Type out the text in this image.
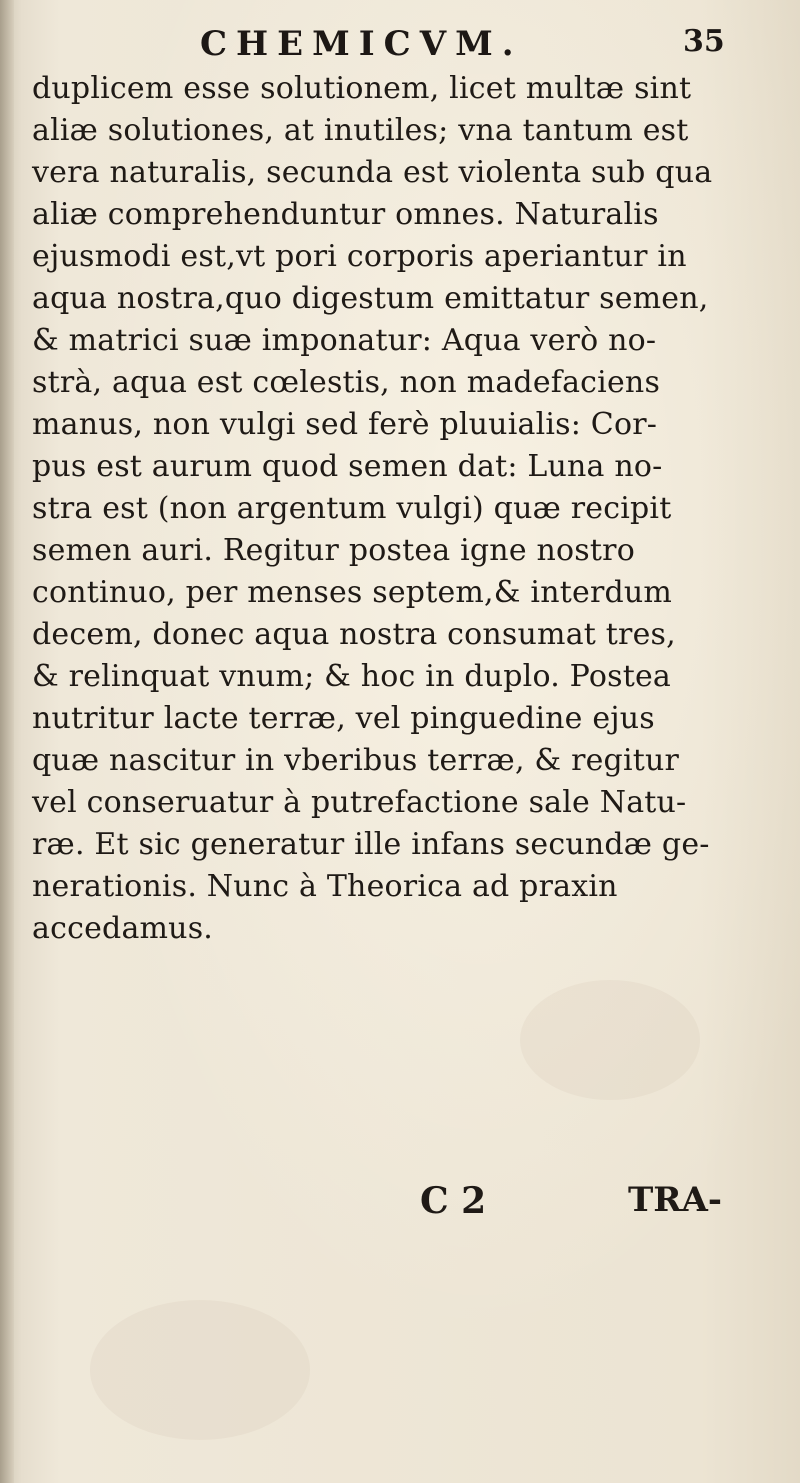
CHEMICVM.	35
duplicem esse solutionem, licet multæ sint
aliæ solutiones, at inutiles; vna tantum est
vera naturalis, secunda est violenta sub qua
aliæ comprehenduntur omnes. Naturalis
ejusmodi est,vt pori corporis aperiantur in
aqua nostra,quo digestum emittatur semen,
& matrici suæ imponatur: Aqua verò no-
strà, aqua est cœlestis, non madefaciens
manus, non vulgi sed ferè pluuialis: Cor-
pus est aurum quod semen dat: Luna no-
stra est (non argentum vulgi) quæ recipit
semen auri. Regitur postea igne nostro
continuo, per menses septem,& interdum
decem, donec aqua nostra consumat tres,
& relinquat vnum; & hoc in duplo. Postea
nutritur lacte terræ, vel pinguedine ejus
quæ nascitur in vberibus terræ, & regitur
vel conseruatur à putrefactione sale Natu-
ræ. Et sic generatur ille infans secundæ ge-
nerationis. Nunc à Theorica ad praxin
accedamus.
C 2	TRA-
